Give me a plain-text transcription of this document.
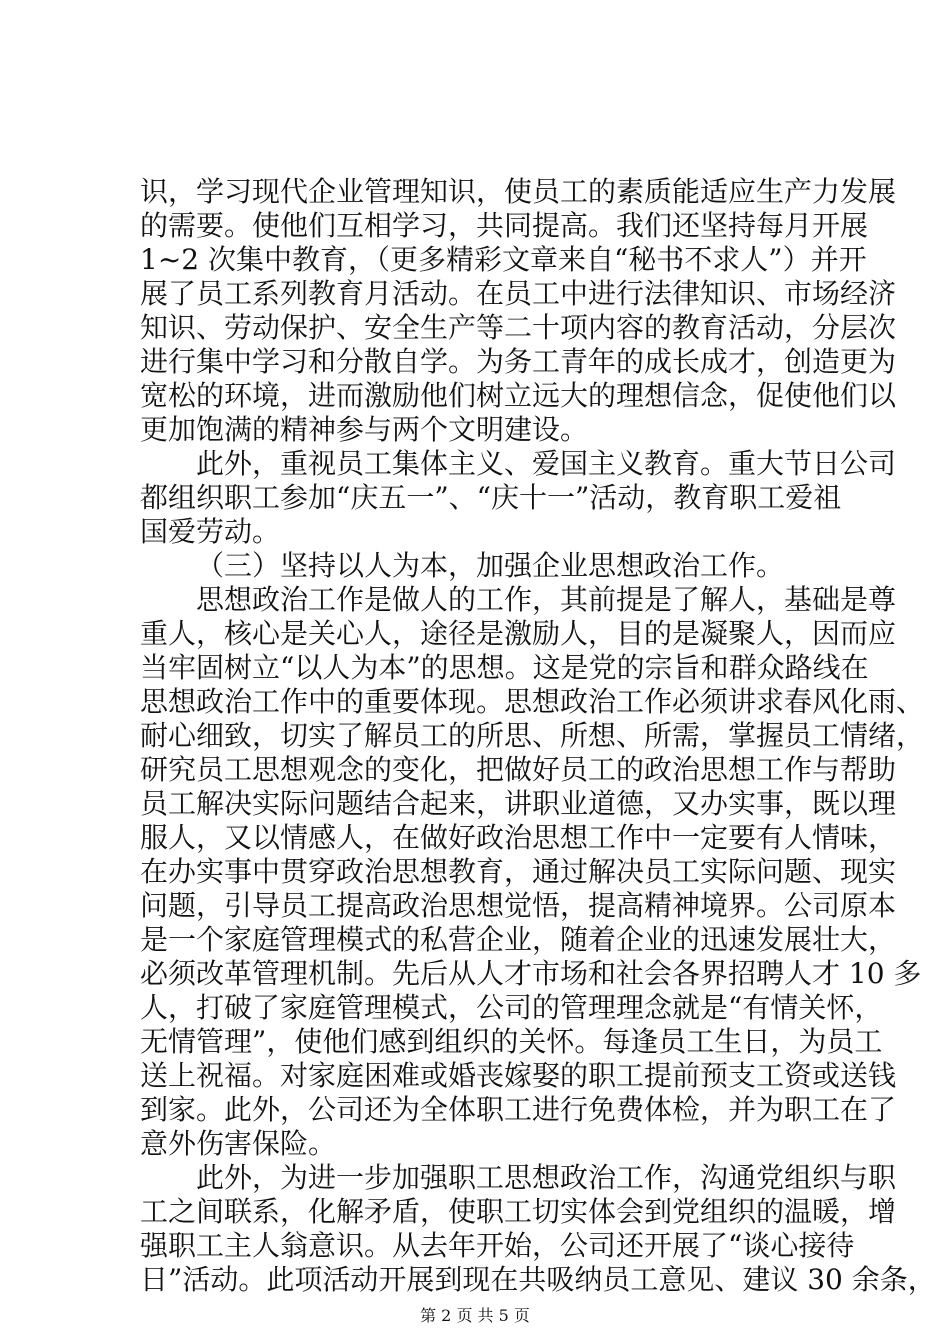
识，学习现代企业管理知识，使员工的素质能适应生产力发展
的需要。使他们互相学习，共同提高。我们还坚持每月开展
1~2 次集中教育，（更多精彩文章来自“秘书不求人”）并开
展了员工系列教育月活动。在员工中进行法律知识、市场经济
知识、劳动保护、安全生产等二十项内容的教育活动，分层次
进行集中学习和分散自学。为务工青年的成长成才，创造更为
宽松的环境，进而激励他们树立远大的理想信念，促使他们以
更加饱满的精神参与两个文明建设。
此外，重视员工集体主义、爱国主义教育。重大节日公司
都组织职工参加“庆五一”、“庆十一”活动，教育职工爱祖
国爱劳动。
（三）坚持以人为本，加强企业思想政治工作。
思想政治工作是做人的工作，其前提是了解人，基础是尊
重人，核心是关心人，途径是激励人，目的是凝聚人，因而应
当牢固树立“以人为本”的思想。这是党的宗旨和群众路线在
思想政治工作中的重要体现。思想政治工作必须讲求春风化雨、
耐心细致，切实了解员工的所思、所想、所需，掌握员工情绪，
研究员工思想观念的变化，把做好员工的政治思想工作与帮助
员工解决实际问题结合起来，讲职业道德，又办实事，既以理
服人，又以情感人，在做好政治思想工作中一定要有人情味，
在办实事中贯穿政治思想教育，通过解决员工实际问题、现实
问题，引导员工提高政治思想觉悟，提高精神境界。公司原本
是一个家庭管理模式的私营企业，随着企业的迅速发展壮大，
必须改革管理机制。先后从人才市场和社会各界招聘人才 10 多
人，打破了家庭管理模式，公司的管理理念就是“有情关怀，
无情管理”，使他们感到组织的关怀。每逢员工生日，为员工
送上祝福。对家庭困难或婚丧嫁娶的职工提前预支工资或送钱
到家。此外，公司还为全体职工进行免费体检，并为职工在了
意外伤害保险。
此外，为进一步加强职工思想政治工作，沟通党组织与职
工之间联系，化解矛盾，使职工切实体会到党组织的温暖，增
强职工主人翁意识。从去年开始，公司还开展了“谈心接待
日”活动。此项活动开展到现在共吸纳员工意见、建议 30 余条，
第 2 页 共 5 页
